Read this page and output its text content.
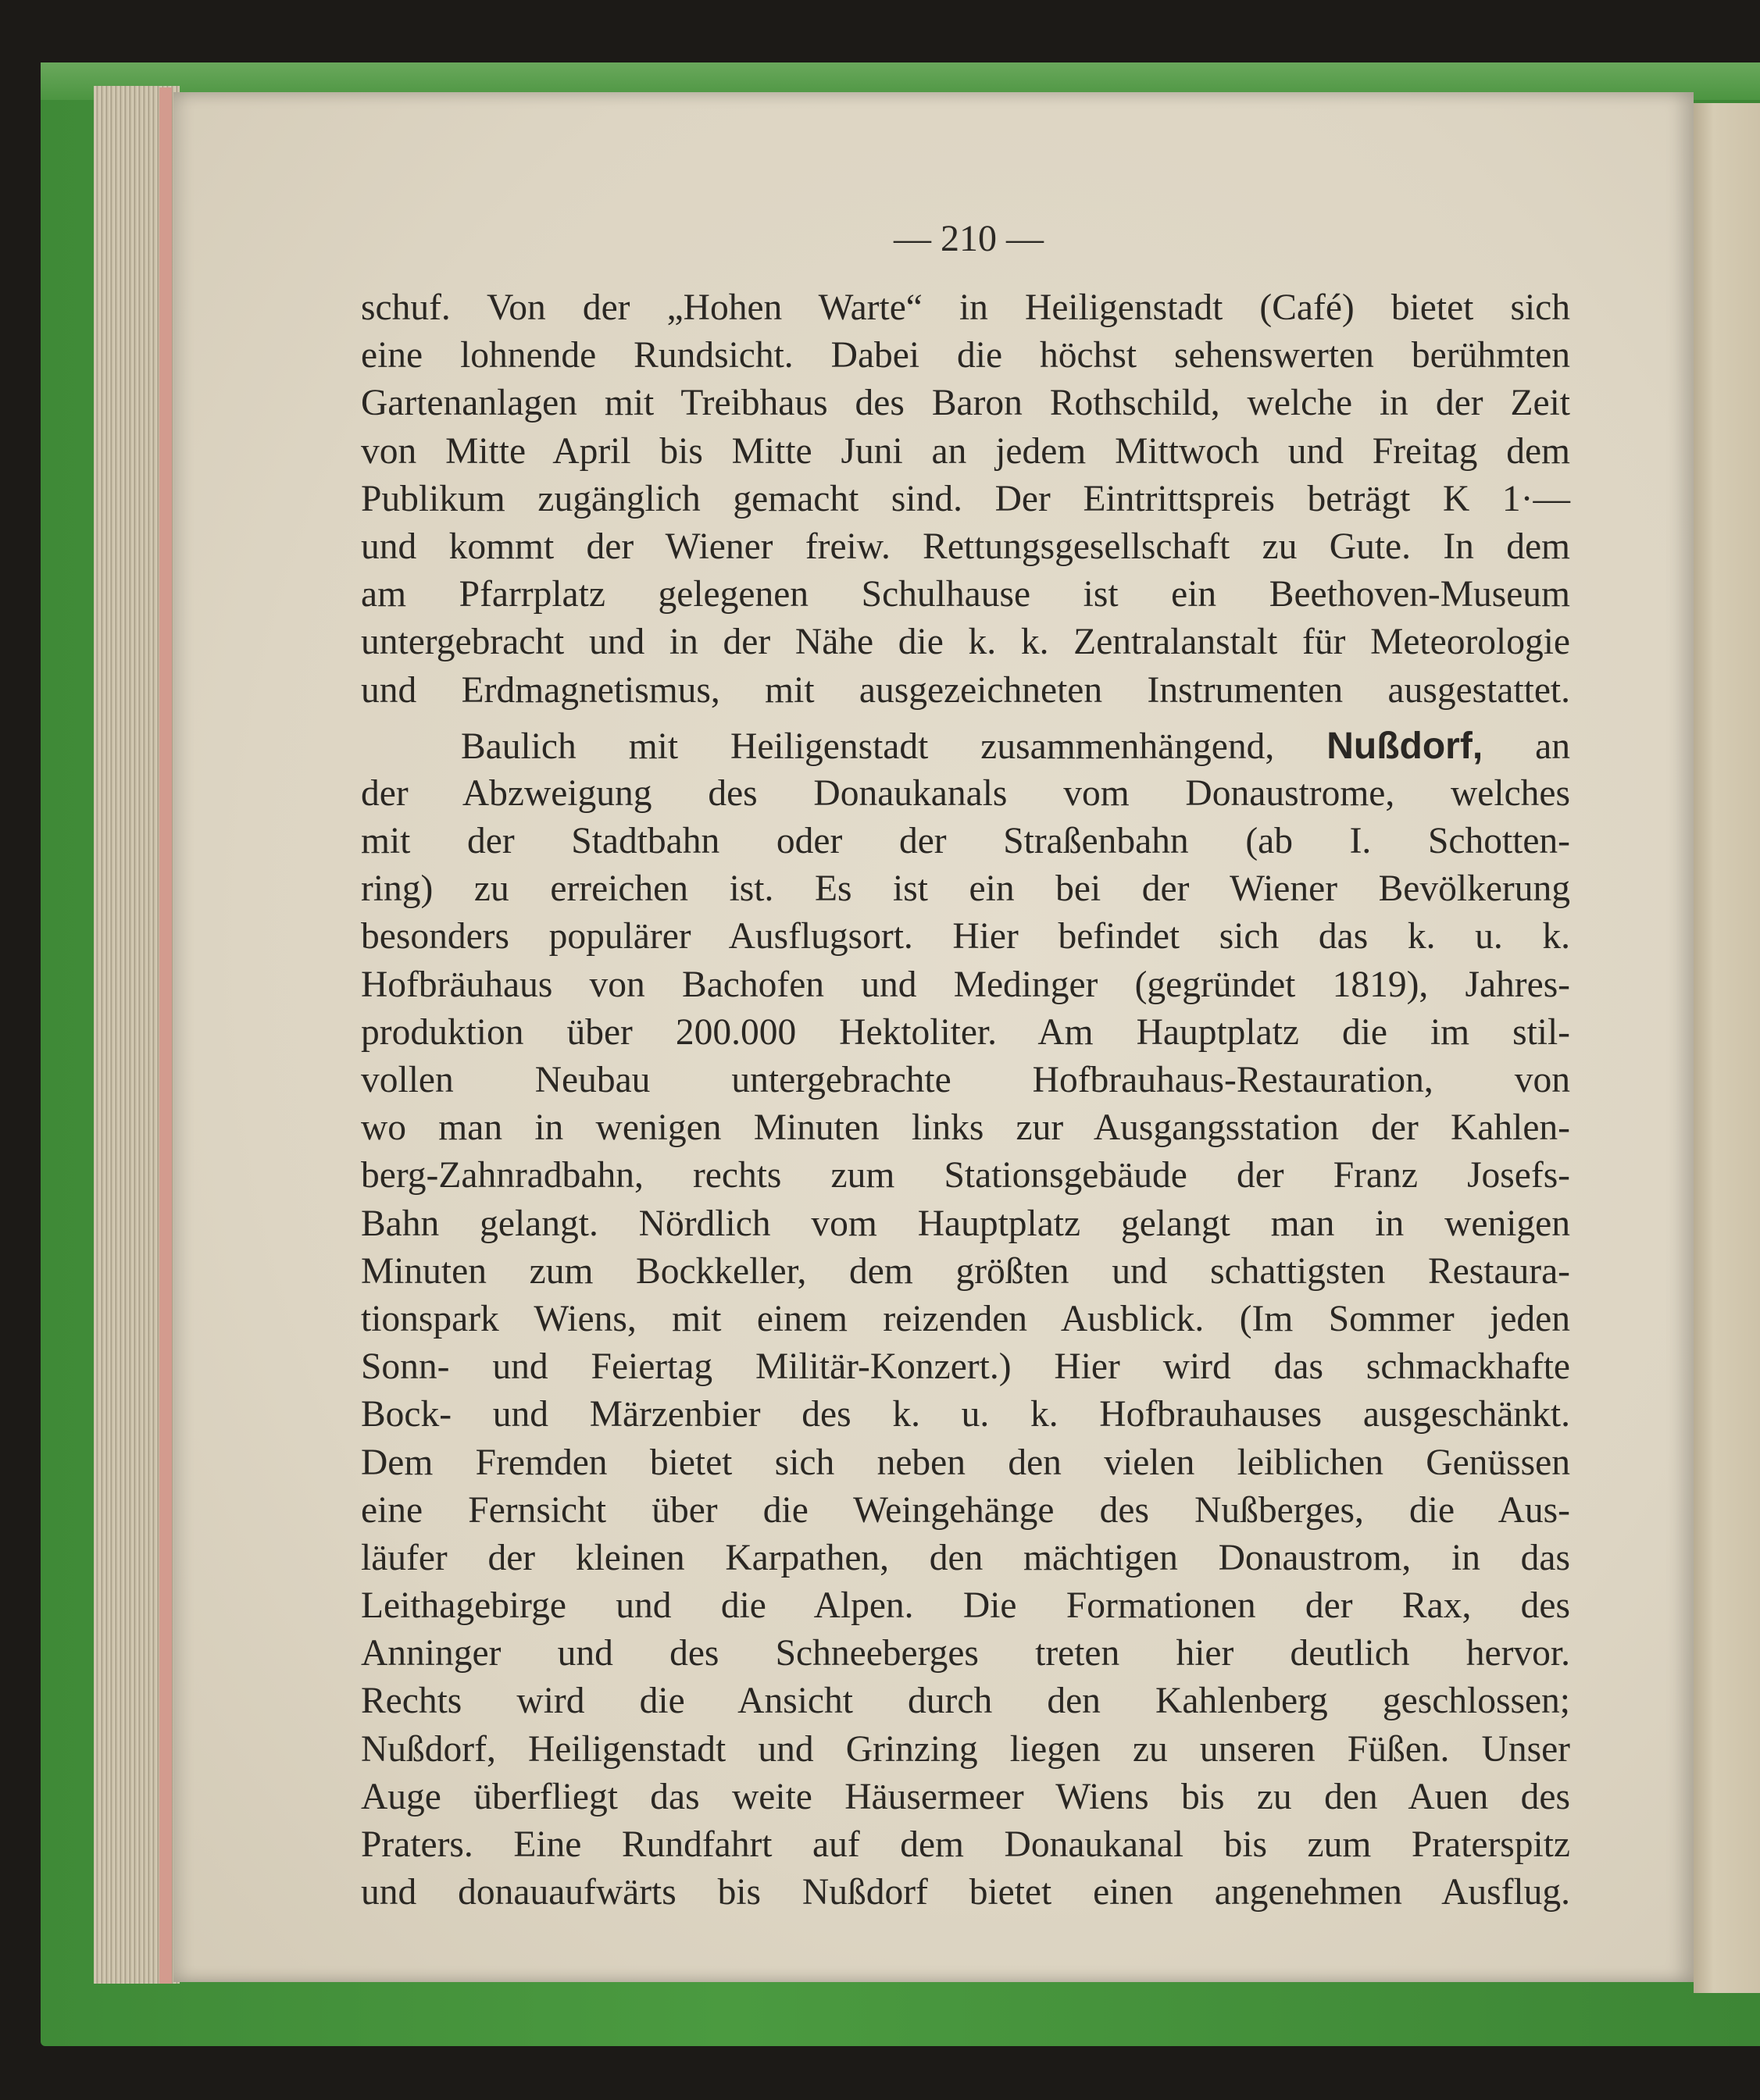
— 210 —
schuf. Von der „Hohen Warte“ in Heiligenstadt (Café) bietet sich
eine lohnende Rundsicht. Dabei die höchst sehenswerten berühmten
Gartenanlagen mit Treibhaus des Baron Rothschild, welche in der Zeit
von Mitte April bis Mitte Juni an jedem Mittwoch und Freitag dem
Publikum zugänglich gemacht sind. Der Eintrittspreis beträgt K 1·—
und kommt der Wiener freiw. Rettungsgesellschaft zu Gute. In dem
am Pfarrplatz gelegenen Schulhause ist ein Beethoven-Museum
untergebracht und in der Nähe die k. k. Zentralanstalt für Meteorologie
und Erdmagnetismus, mit ausgezeichneten Instrumenten ausgestattet.
Baulich mit Heiligenstadt zusammenhängend, Nußdorf, an
der Abzweigung des Donaukanals vom Donaustrome, welches
mit der Stadtbahn oder der Straßenbahn (ab I. Schotten-
ring) zu erreichen ist. Es ist ein bei der Wiener Bevölkerung
besonders populärer Ausflugsort. Hier befindet sich das k. u. k.
Hofbräuhaus von Bachofen und Medinger (gegründet 1819), Jahres-
produktion über 200.000 Hektoliter. Am Hauptplatz die im stil-
vollen Neubau untergebrachte Hofbrauhaus-Restauration, von
wo man in wenigen Minuten links zur Ausgangsstation der Kahlen-
berg-Zahnradbahn, rechts zum Stationsgebäude der Franz Josefs-
Bahn gelangt. Nördlich vom Hauptplatz gelangt man in wenigen
Minuten zum Bockkeller, dem größten und schattigsten Restaura-
tionspark Wiens, mit einem reizenden Ausblick. (Im Sommer jeden
Sonn- und Feiertag Militär-Konzert.) Hier wird das schmackhafte
Bock- und Märzenbier des k. u. k. Hofbrauhauses ausgeschänkt.
Dem Fremden bietet sich neben den vielen leiblichen Genüssen
eine Fernsicht über die Weingehänge des Nußberges, die Aus-
läufer der kleinen Karpathen, den mächtigen Donaustrom, in das
Leithagebirge und die Alpen. Die Formationen der Rax, des
Anninger und des Schneeberges treten hier deutlich hervor.
Rechts wird die Ansicht durch den Kahlenberg geschlossen;
Nußdorf, Heiligenstadt und Grinzing liegen zu unseren Füßen. Unser
Auge überfliegt das weite Häusermeer Wiens bis zu den Auen des
Praters. Eine Rundfahrt auf dem Donaukanal bis zum Praterspitz
und donauaufwärts bis Nußdorf bietet einen angenehmen Ausflug.
